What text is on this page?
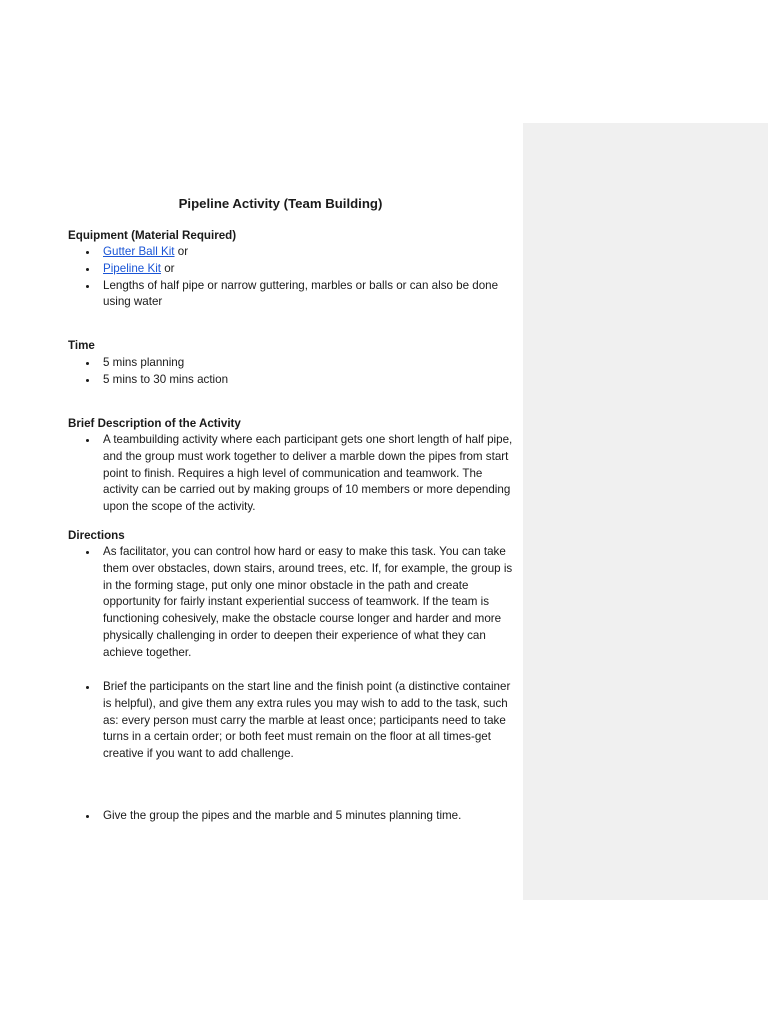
Pipeline Activity (Team Building)
Equipment (Material Required)
Gutter Ball Kit or
Pipeline Kit or
Lengths of half pipe or narrow guttering, marbles or balls or can also be done using water
Time
5 mins planning
5 mins to 30 mins action
Brief Description of the Activity
A teambuilding activity where each participant gets one short length of half pipe, and the group must work together to deliver a marble down the pipes from start point to finish. Requires a high level of communication and teamwork. The activity can be carried out by making groups of 10 members or more depending upon the scope of the activity.
Directions
As facilitator, you can control how hard or easy to make this task. You can take them over obstacles, down stairs, around trees, etc. If, for example, the group is in the forming stage, put only one minor obstacle in the path and create opportunity for fairly instant experiential success of teamwork. If the team is functioning cohesively, make the obstacle course longer and harder and more physically challenging in order to deepen their experience of what they can achieve together.
Brief the participants on the start line and the finish point (a distinctive container is helpful), and give them any extra rules you may wish to add to the task, such as: every person must carry the marble at least once; participants need to take turns in a certain order; or both feet must remain on the floor at all times-get creative if you want to add challenge.
Give the group the pipes and the marble and 5 minutes planning time.
